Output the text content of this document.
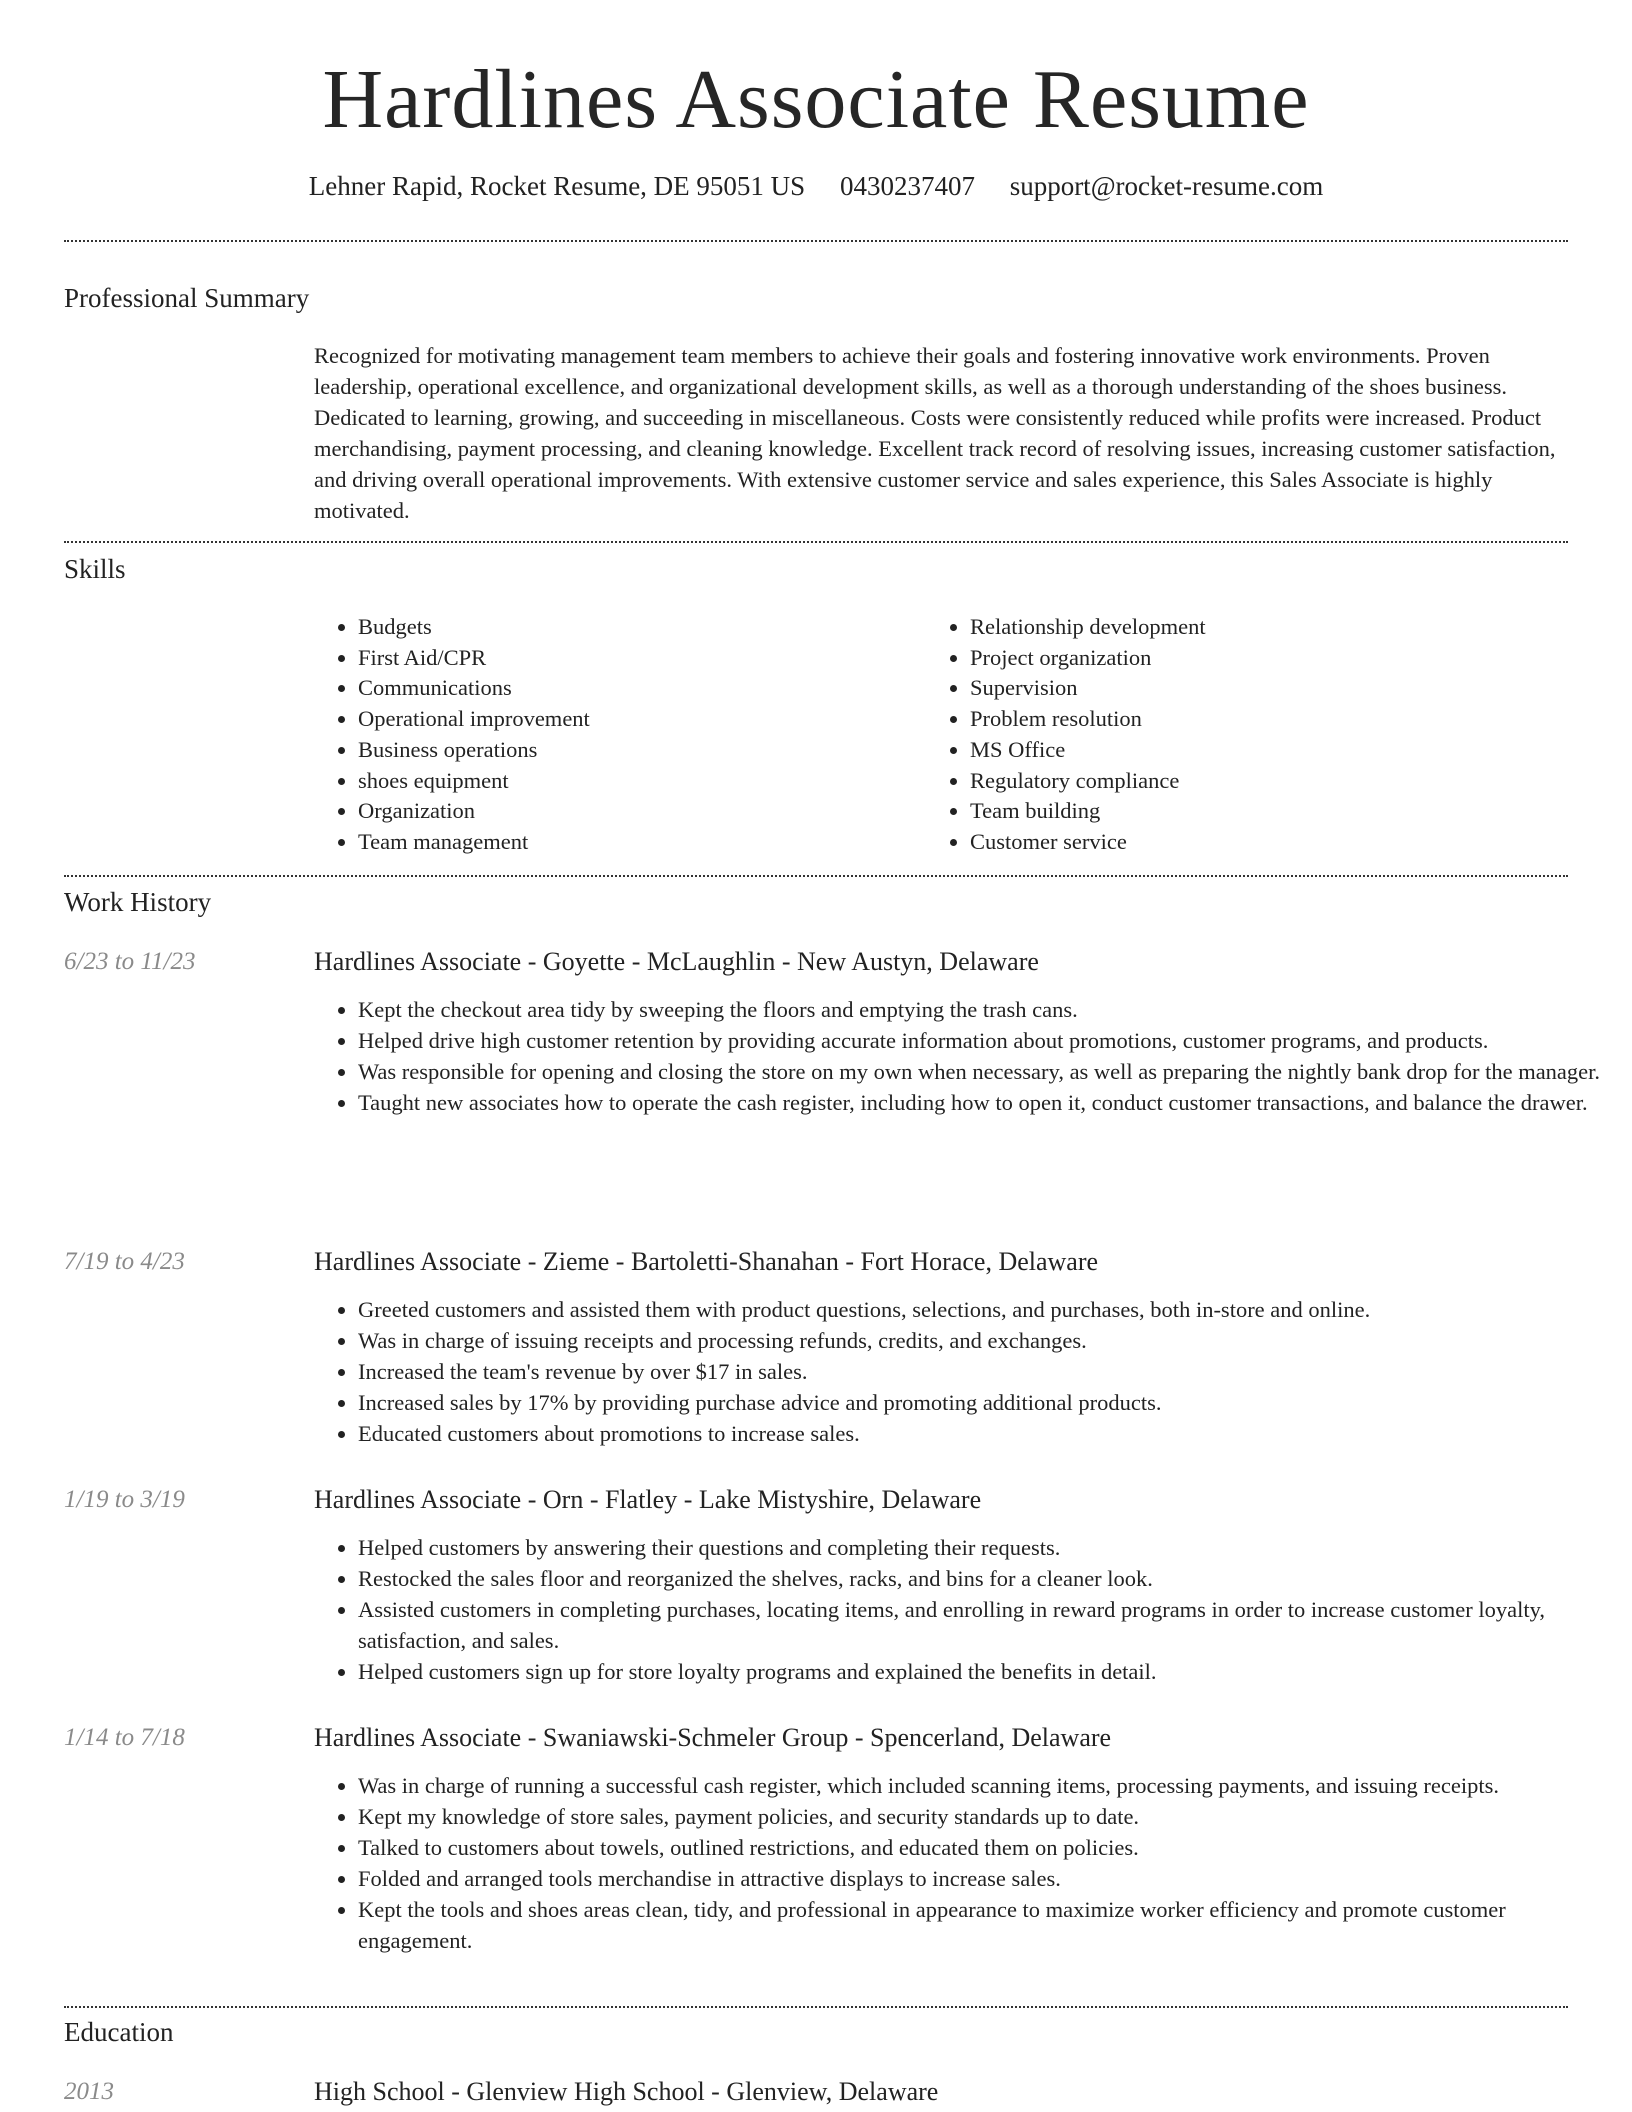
Hardlines Associate Resume
Lehner Rapid, Rocket Resume, DE 95051 US 0430237407 support@rocket-resume.com
Professional Summary
Recognized for motivating management team members to achieve their goals and fostering innovative work environments. Proven leadership, operational excellence, and organizational development skills, as well as a thorough understanding of the shoes business. Dedicated to learning, growing, and succeeding in miscellaneous. Costs were consistently reduced while profits were increased. Product merchandising, payment processing, and cleaning knowledge. Excellent track record of resolving issues, increasing customer satisfaction, and driving overall operational improvements. With extensive customer service and sales experience, this Sales Associate is highly motivated.
Skills
• Budgets
• First Aid/CPR
• Communications
• Operational improvement
• Business operations
• shoes equipment
• Organization
• Team management
• Relationship development
• Project organization
• Supervision
• Problem resolution
• MS Office
• Regulatory compliance
• Team building
• Customer service
Work History
6/23 to 11/23	Hardlines Associate - Goyette - McLaughlin - New Austyn, Delaware
• Kept the checkout area tidy by sweeping the floors and emptying the trash cans.
• Helped drive high customer retention by providing accurate information about promotions, customer programs, and products.
• Was responsible for opening and closing the store on my own when necessary, as well as preparing the nightly bank drop for the manager.
• Taught new associates how to operate the cash register, including how to open it, conduct customer transactions, and balance the drawer.
7/19 to 4/23	Hardlines Associate - Zieme - Bartoletti-Shanahan - Fort Horace, Delaware
• Greeted customers and assisted them with product questions, selections, and purchases, both in-store and online.
• Was in charge of issuing receipts and processing refunds, credits, and exchanges.
• Increased the team's revenue by over $17 in sales.
• Increased sales by 17% by providing purchase advice and promoting additional products.
• Educated customers about promotions to increase sales.
1/19 to 3/19	Hardlines Associate - Orn - Flatley - Lake Mistyshire, Delaware
• Helped customers by answering their questions and completing their requests.
• Restocked the sales floor and reorganized the shelves, racks, and bins for a cleaner look.
• Assisted customers in completing purchases, locating items, and enrolling in reward programs in order to increase customer loyalty, satisfaction, and sales.
• Helped customers sign up for store loyalty programs and explained the benefits in detail.
1/14 to 7/18	Hardlines Associate - Swaniawski-Schmeler Group - Spencerland, Delaware
• Was in charge of running a successful cash register, which included scanning items, processing payments, and issuing receipts.
• Kept my knowledge of store sales, payment policies, and security standards up to date.
• Talked to customers about towels, outlined restrictions, and educated them on policies.
• Folded and arranged tools merchandise in attractive displays to increase sales.
• Kept the tools and shoes areas clean, tidy, and professional in appearance to maximize worker efficiency and promote customer engagement.
Education
2013	High School - Glenview High School - Glenview, Delaware
